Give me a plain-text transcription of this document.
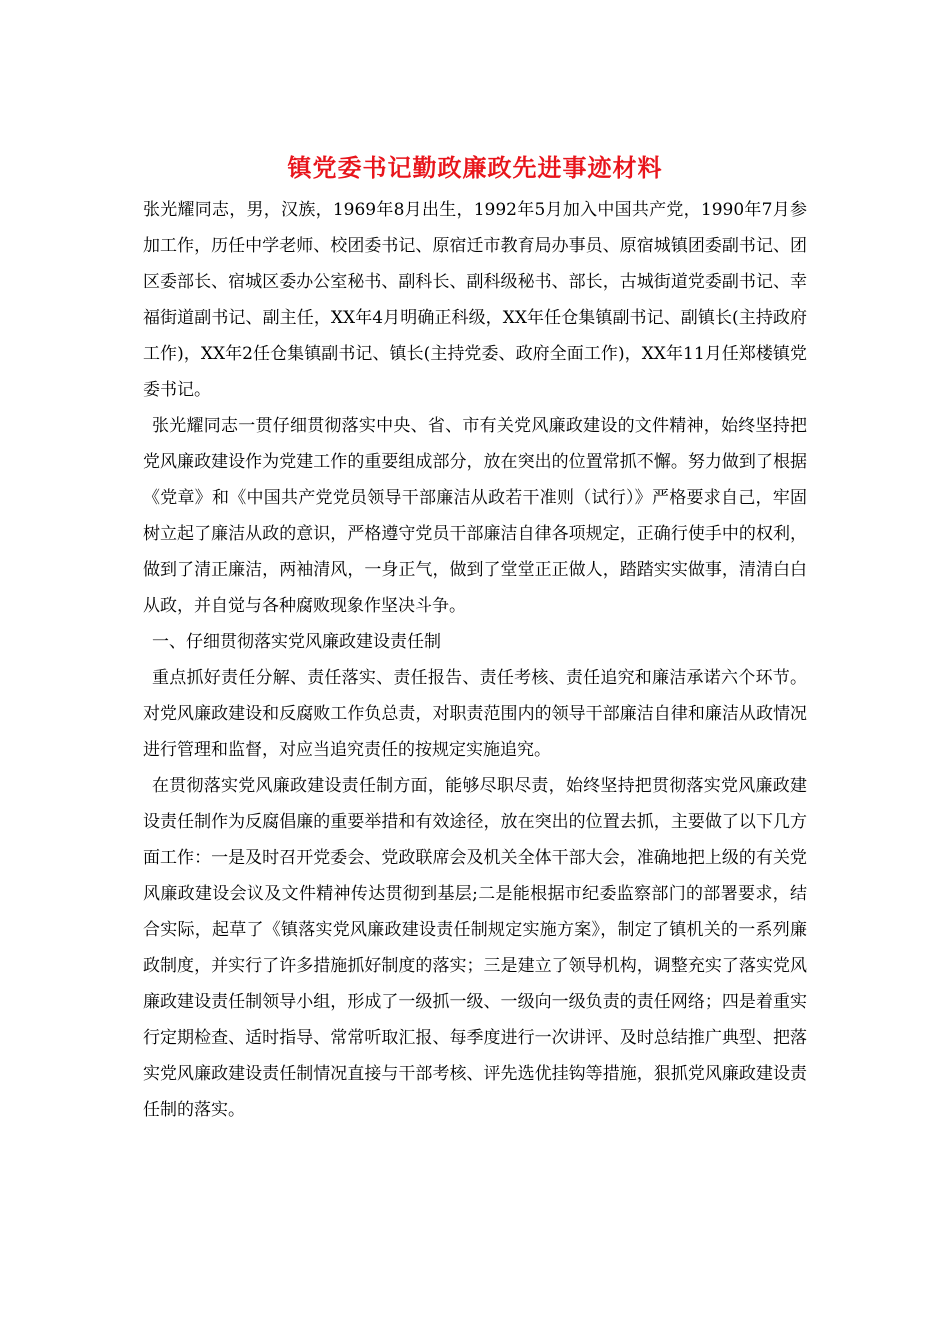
镇党委书记勤政廉政先进事迹材料

张光耀同志，男，汉族，1969年8月出生，1992年5月加入中国共产党，1990年7月参加工作，历任中学老师、校团委书记、原宿迁市教育局办事员、原宿城镇团委副书记、团区委部长、宿城区委办公室秘书、副科长、副科级秘书、部长，古城街道党委副书记、幸福街道副书记、副主任，XX年4月明确正科级，XX年任仓集镇副书记、副镇长(主持政府工作)，XX年2任仓集镇副书记、镇长(主持党委、政府全面工作)，XX年11月任郑楼镇党委书记。

张光耀同志一贯仔细贯彻落实中央、省、市有关党风廉政建设的文件精神，始终坚持把党风廉政建设作为党建工作的重要组成部分，放在突出的位置常抓不懈。努力做到了根据《党章》和《中国共产党党员领导干部廉洁从政若干准则（试行）》严格要求自己，牢固树立起了廉洁从政的意识，严格遵守党员干部廉洁自律各项规定，正确行使手中的权利，做到了清正廉洁，两袖清风，一身正气，做到了堂堂正正做人，踏踏实实做事，清清白白从政，并自觉与各种腐败现象作坚决斗争。

一、仔细贯彻落实党风廉政建设责任制

重点抓好责任分解、责任落实、责任报告、责任考核、责任追究和廉洁承诺六个环节。对党风廉政建设和反腐败工作负总责，对职责范围内的领导干部廉洁自律和廉洁从政情况进行管理和监督，对应当追究责任的按规定实施追究。

在贯彻落实党风廉政建设责任制方面，能够尽职尽责，始终坚持把贯彻落实党风廉政建设责任制作为反腐倡廉的重要举措和有效途径，放在突出的位置去抓，主要做了以下几方面工作：一是及时召开党委会、党政联席会及机关全体干部大会，准确地把上级的有关党风廉政建设会议及文件精神传达贯彻到基层;二是能根据市纪委监察部门的部署要求，结合实际，起草了《镇落实党风廉政建设责任制规定实施方案》，制定了镇机关的一系列廉政制度，并实行了许多措施抓好制度的落实；三是建立了领导机构，调整充实了落实党风廉政建设责任制领导小组，形成了一级抓一级、一级向一级负责的责任网络；四是着重实行定期检查、适时指导、常常听取汇报、每季度进行一次讲评、及时总结推广典型、把落实党风廉政建设责任制情况直接与干部考核、评先选优挂钩等措施，狠抓党风廉政建设责任制的落实。
